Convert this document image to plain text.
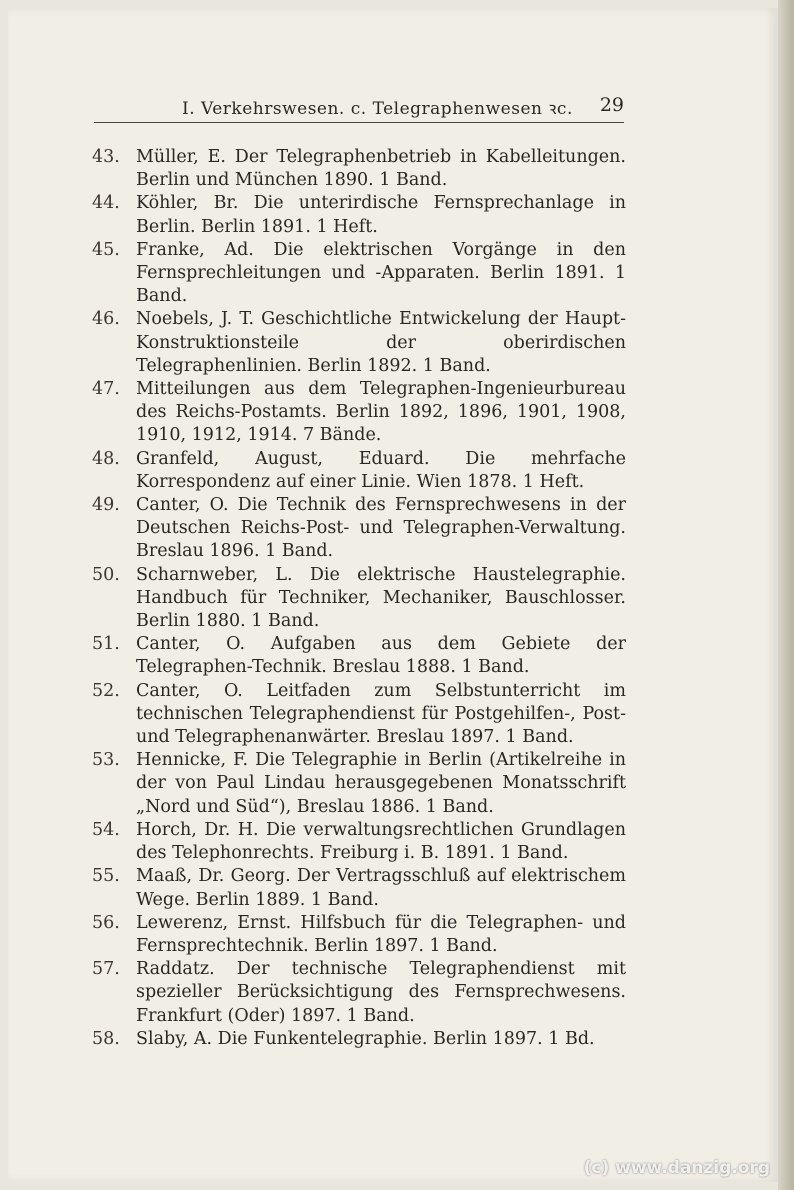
I. Verkehrswesen. c. Telegraphenwesen ꝛc. 29
43. Müller, E. Der Telegraphenbetrieb in Kabelleitungen. Berlin und München 1890. 1 Band.
44. Köhler, Br. Die unterirdische Fernsprechanlage in Berlin. Berlin 1891. 1 Heft.
45. Franke, Ad. Die elektrischen Vorgänge in den Fernsprechleitungen und -Apparaten. Berlin 1891. 1 Band.
46. Noebels, J. T. Geschichtliche Entwickelung der Haupt-Konstruktionsteile der oberirdischen Telegraphenlinien. Berlin 1892. 1 Band.
47. Mitteilungen aus dem Telegraphen-Ingenieurbureau des Reichs-Postamts. Berlin 1892, 1896, 1901, 1908, 1910, 1912, 1914. 7 Bände.
48. Granfeld, August, Eduard. Die mehrfache Korrespondenz auf einer Linie. Wien 1878. 1 Heft.
49. Canter, O. Die Technik des Fernsprechwesens in der Deutschen Reichs-Post- und Telegraphen-Verwaltung. Breslau 1896. 1 Band.
50. Scharnweber, L. Die elektrische Haustelegraphie. Handbuch für Techniker, Mechaniker, Bauschlosser. Berlin 1880. 1 Band.
51. Canter, O. Aufgaben aus dem Gebiete der Telegraphen-Technik. Breslau 1888. 1 Band.
52. Canter, O. Leitfaden zum Selbstunterricht im technischen Telegraphendienst für Postgehilfen-, Post- und Telegraphenanwärter. Breslau 1897. 1 Band.
53. Hennicke, F. Die Telegraphie in Berlin (Artikelreihe in der von Paul Lindau herausgegebenen Monatsschrift „Nord und Süd“), Breslau 1886. 1 Band.
54. Horch, Dr. H. Die verwaltungsrechtlichen Grundlagen des Telephonrechts. Freiburg i. B. 1891. 1 Band.
55. Maaß, Dr. Georg. Der Vertragsschluß auf elektrischem Wege. Berlin 1889. 1 Band.
56. Lewerenz, Ernst. Hilfsbuch für die Telegraphen- und Fernsprechtechnik. Berlin 1897. 1 Band.
57. Raddatz. Der technische Telegraphendienst mit spezieller Berücksichtigung des Fernsprechwesens. Frankfurt (Oder) 1897. 1 Band.
58. Slaby, A. Die Funkentelegraphie. Berlin 1897. 1 Bd.
(c) www.danzig.org
